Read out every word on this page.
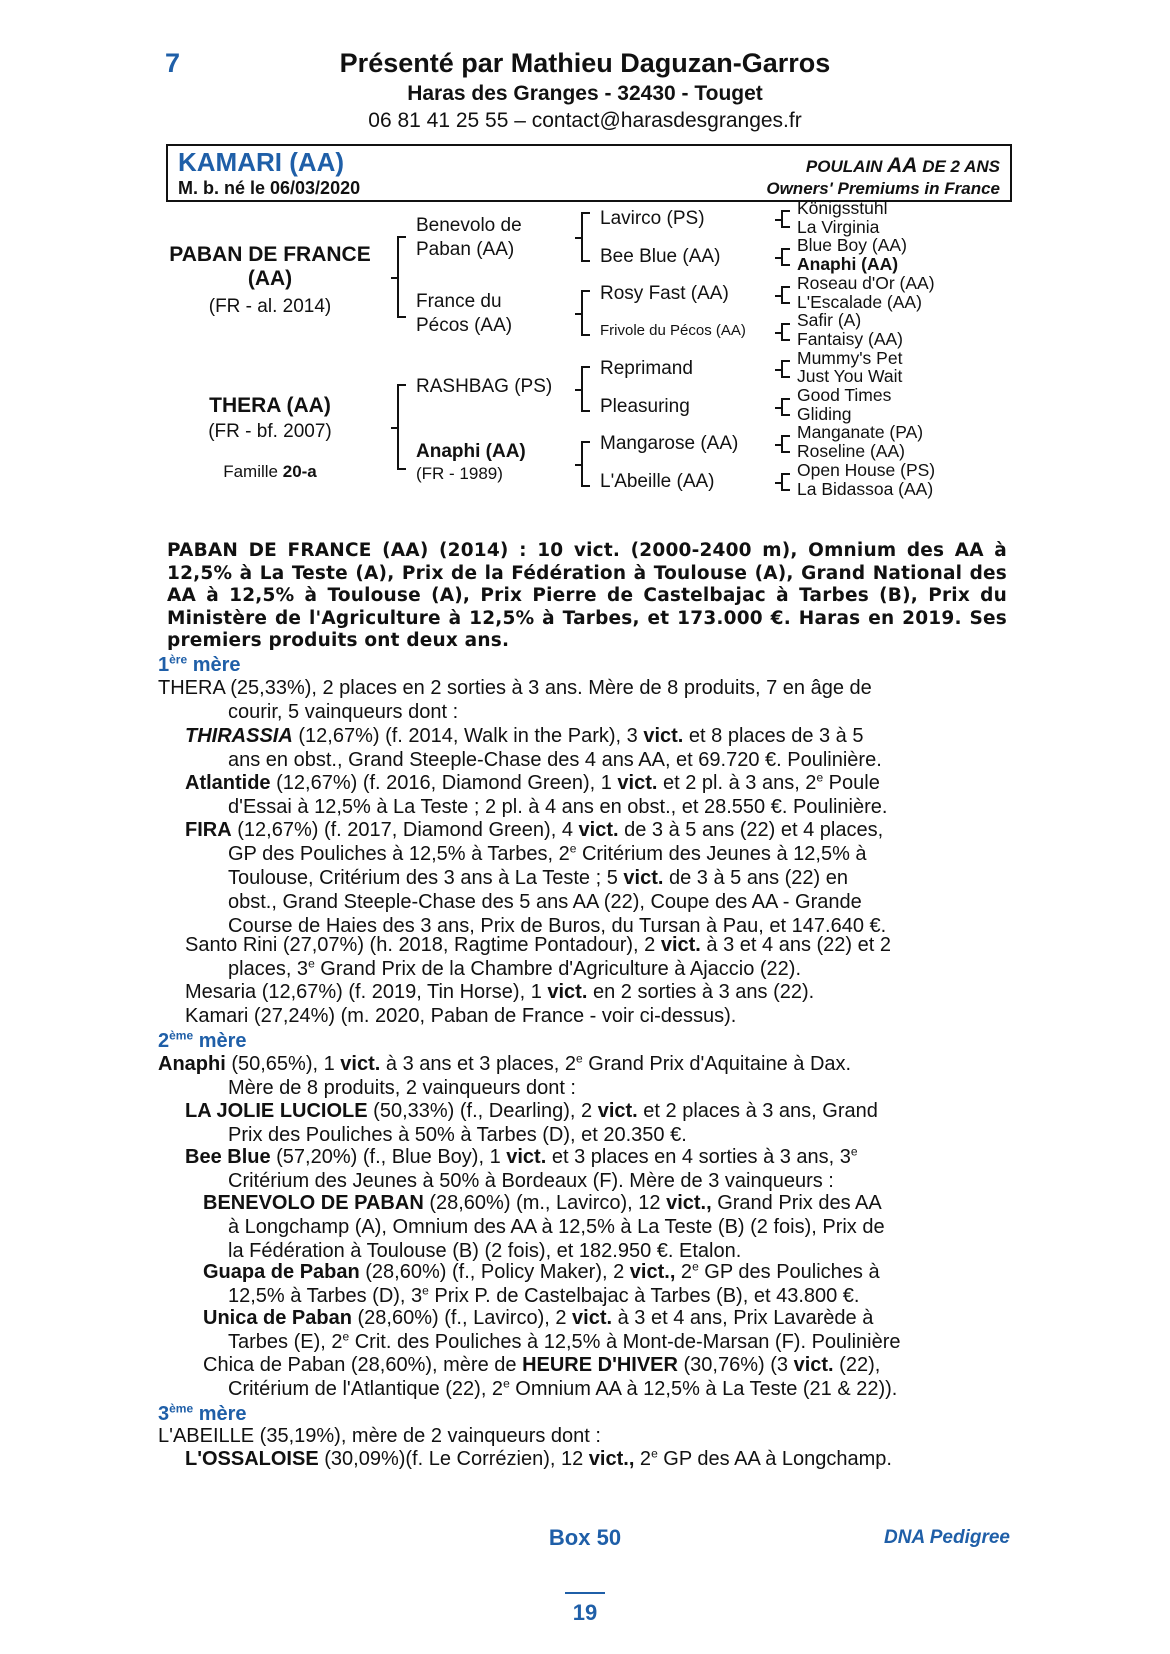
7	Présenté par Mathieu Daguzan-Garros
Haras des Granges - 32430 - Touget
06 81 41 25 55 – contact@harasdesgranges.fr
KAMARI (AA)
M. b. né le 06/03/2020
POULAIN AA DE 2 ANS
Owners' Premiums in France
PABAN DE FRANCE
(AA)
(FR - al. 2014)
THERA (AA)
(FR - bf. 2007)
Famille 20-a
Benevolo de
Paban (AA)
France du
Pécos (AA)
RASHBAG (PS)
Anaphi (AA)
(FR - 1989)
Lavirco (PS)
Bee Blue (AA)
Rosy Fast (AA)
Frivole du Pécos (AA)
Reprimand
Pleasuring
Mangarose (AA)
L'Abeille (AA)
Königsstuhl
La Virginia
Blue Boy (AA)
Anaphi (AA)
Roseau d'Or (AA)
L'Escalade (AA)
Safir (A)
Fantaisy (AA)
Mummy's Pet
Just You Wait
Good Times
Gliding
Manganate (PA)
Roseline (AA)
Open House (PS)
La Bidassoa (AA)
PABAN DE FRANCE (AA) (2014) : 10 vict. (2000-2400 m), Omnium des AA à 12,5% à La Teste (A), Prix de la Fédération à Toulouse (A), Grand National des AA à 12,5% à Toulouse (A), Prix Pierre de Castelbajac à Tarbes (B), Prix du Ministère de l'Agriculture à 12,5% à Tarbes, et 173.000 €. Haras en 2019. Ses premiers produits ont deux ans.
1ère mère
THERA (25,33%), 2 places en 2 sorties à 3 ans. Mère de 8 produits, 7 en âge de
courir, 5 vainqueurs dont :
THIRASSIA (12,67%) (f. 2014, Walk in the Park), 3 vict. et 8 places de 3 à 5
ans en obst., Grand Steeple-Chase des 4 ans AA, et 69.720 €. Poulinière.
Atlantide (12,67%) (f. 2016, Diamond Green), 1 vict. et 2 pl. à 3 ans, 2e Poule
d'Essai à 12,5% à La Teste ; 2 pl. à 4 ans en obst., et 28.550 €. Poulinière.
FIRA (12,67%) (f. 2017, Diamond Green), 4 vict. de 3 à 5 ans (22) et 4 places,
GP des Pouliches à 12,5% à Tarbes, 2e Critérium des Jeunes à 12,5% à
Toulouse, Critérium des 3 ans à La Teste ; 5 vict. de 3 à 5 ans (22) en
obst., Grand Steeple-Chase des 5 ans AA (22), Coupe des AA - Grande
Course de Haies des 3 ans, Prix de Buros, du Tursan à Pau, et 147.640 €.
Santo Rini (27,07%) (h. 2018, Ragtime Pontadour), 2 vict. à 3 et 4 ans (22) et 2
places, 3e Grand Prix de la Chambre d'Agriculture à Ajaccio (22).
Mesaria (12,67%) (f. 2019, Tin Horse), 1 vict. en 2 sorties à 3 ans (22).
Kamari (27,24%) (m. 2020, Paban de France - voir ci-dessus).
2ème mère
Anaphi (50,65%), 1 vict. à 3 ans et 3 places, 2e Grand Prix d'Aquitaine à Dax.
Mère de 8 produits, 2 vainqueurs dont :
LA JOLIE LUCIOLE (50,33%) (f., Dearling), 2 vict. et 2 places à 3 ans, Grand
Prix des Pouliches à 50% à Tarbes (D), et 20.350 €.
Bee Blue (57,20%) (f., Blue Boy), 1 vict. et 3 places en 4 sorties à 3 ans, 3e
Critérium des Jeunes à 50% à Bordeaux (F). Mère de 3 vainqueurs :
BENEVOLO DE PABAN (28,60%) (m., Lavirco), 12 vict., Grand Prix des AA
à Longchamp (A), Omnium des AA à 12,5% à La Teste (B) (2 fois), Prix de
la Fédération à Toulouse (B) (2 fois), et 182.950 €. Etalon.
Guapa de Paban (28,60%) (f., Policy Maker), 2 vict., 2e GP des Pouliches à
12,5% à Tarbes (D), 3e Prix P. de Castelbajac à Tarbes (B), et 43.800 €.
Unica de Paban (28,60%) (f., Lavirco), 2 vict. à 3 et 4 ans, Prix Lavarède à
Tarbes (E), 2e Crit. des Pouliches à 12,5% à Mont-de-Marsan (F). Poulinière
Chica de Paban (28,60%), mère de HEURE D'HIVER (30,76%) (3 vict. (22),
Critérium de l'Atlantique (22), 2e Omnium AA à 12,5% à La Teste (21 & 22)).
3ème mère
L'ABEILLE (35,19%), mère de 2 vainqueurs dont :
L'OSSALOISE (30,09%)(f. Le Corrézien), 12 vict., 2e GP des AA à Longchamp.
Box 50	DNA Pedigree
19
